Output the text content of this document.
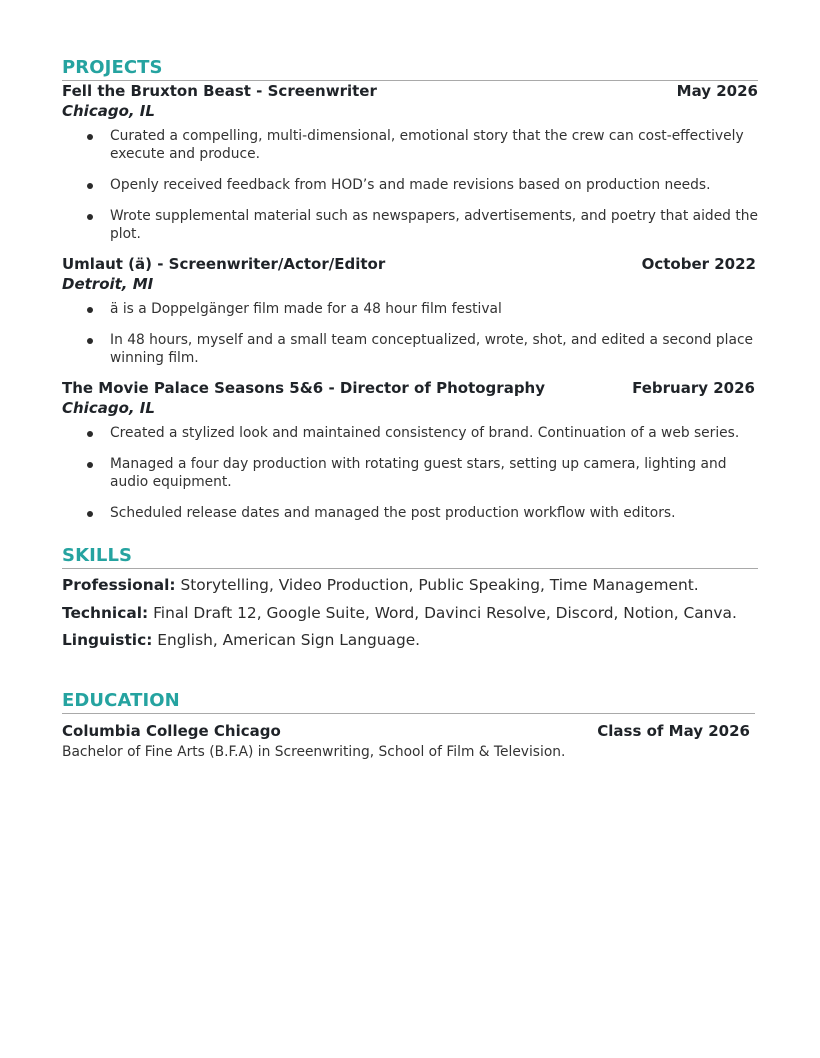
PROJECTS
Fell the Bruxton Beast - Screenwriter	May 2026
Chicago, IL
Curated a compelling, multi-dimensional, emotional story that the crew can cost-effectively execute and produce.
Openly received feedback from HOD’s and made revisions based on production needs.
Wrote supplemental material such as newspapers, advertisements, and poetry that aided the plot.
Umlaut (ä) - Screenwriter/Actor/Editor	October 2022
Detroit, MI
ä is a Doppelgänger film made for a 48 hour film festival
In 48 hours, myself and a small team conceptualized, wrote, shot, and edited a second place winning film.
The Movie Palace Seasons 5&6 - Director of Photography	February 2026
Chicago, IL
Created a stylized look and maintained consistency of brand. Continuation of a web series.
Managed a four day production with rotating guest stars, setting up camera, lighting and audio equipment.
Scheduled release dates and managed the post production workflow with editors.
SKILLS
Professional: Storytelling, Video Production, Public Speaking, Time Management.
Technical: Final Draft 12, Google Suite, Word, Davinci Resolve, Discord, Notion, Canva.
Linguistic: English, American Sign Language.
EDUCATION
Columbia College Chicago	Class of May 2026
Bachelor of Fine Arts (B.F.A) in Screenwriting, School of Film & Television.
